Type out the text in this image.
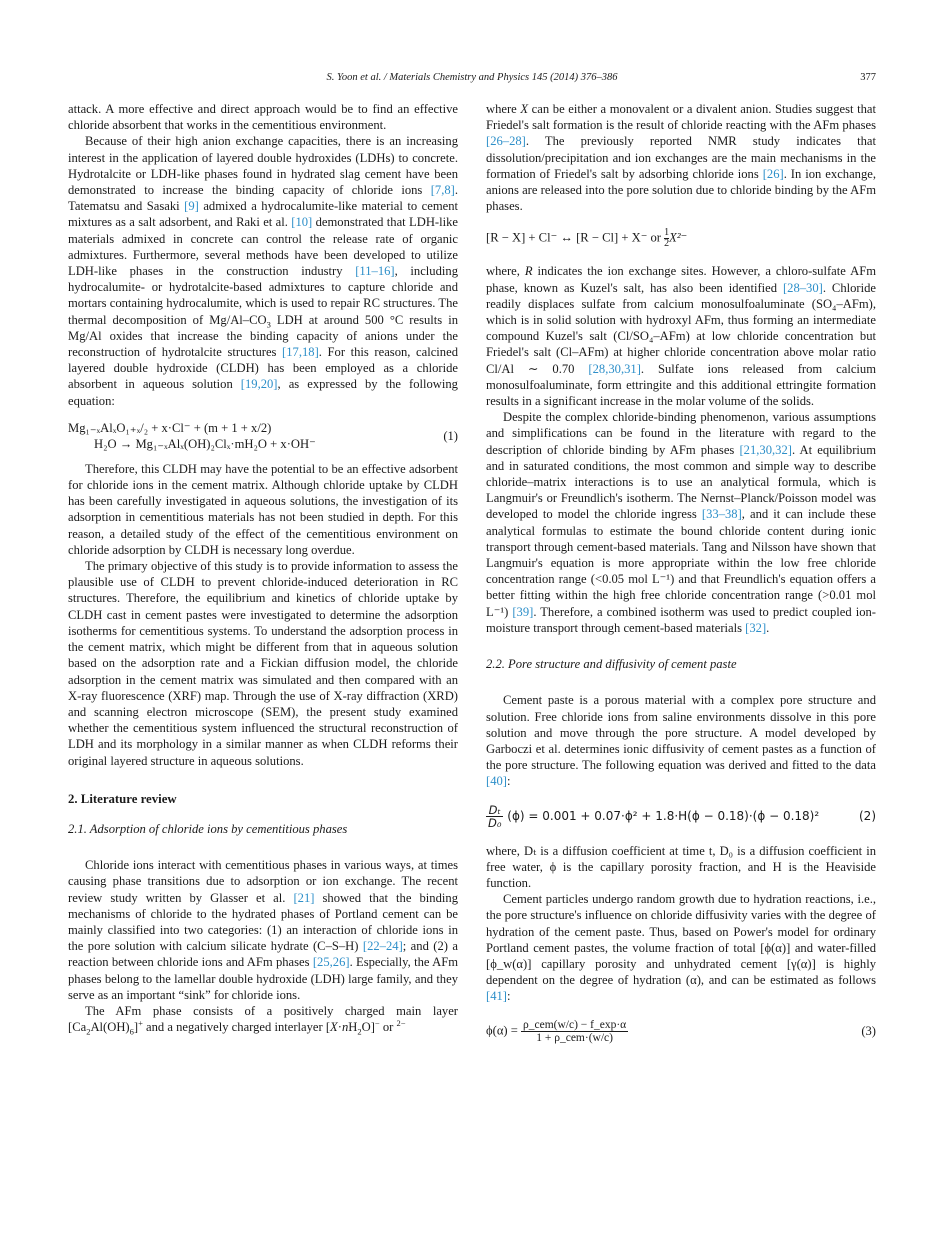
S. Yoon et al. / Materials Chemistry and Physics 145 (2014) 376–386	377

attack. A more effective and direct approach would be to find an effective chloride absorbent that works in the cementitious environment.

Because of their high anion exchange capacities, there is an increasing interest in the application of layered double hydroxides (LDHs) to concrete. Hydrotalcite or LDH-like phases found in hydrated slag cement have been demonstrated to increase the binding capacity of chloride ions [7,8]. Tatematsu and Sasaki [9] admixed a hydrocalumite-like material to cement mixtures as a salt adsorbent, and Raki et al. [10] demonstrated that LDH-like materials admixed in concrete can control the release rate of organic admixtures. Furthermore, several methods have been developed to utilize LDH-like phases in the construction industry [11–16], including hydrocalumite- or hydrotalcite-based admixtures to capture chloride and mortars containing hydrocalumite, which is used to repair RC structures. The thermal decomposition of $Mg/Al-CO_3$ LDH at around 500 °C results in Mg/Al oxides that increase the binding capacity of anions under the reconstruction of hydrotalcite structures [17,18]. For this reason, calcined layered double hydroxide (CLDH) has been employed as a chloride absorbent in aqueous solution [19,20], as expressed by the following equation:

Mg₁₋ₓAlₓO₁₊ₓ/₂ + x·Cl⁻ + (m + 1 + x/2)
H₂O → Mg₁₋ₓAlₓ(OH)₂Clₓ·mH₂O + x·OH⁻
(1)

Therefore, this CLDH may have the potential to be an effective adsorbent for chloride ions in the cement matrix. Although chloride uptake by CLDH has been carefully investigated in aqueous solutions, the investigation of its adsorption in cementitious materials has not been studied in depth. For this reason, a detailed study of the effect of the cementitious environment on chloride adsorption by CLDH is necessary long overdue.

The primary objective of this study is to provide information to assess the plausible use of CLDH to prevent chloride-induced deterioration in RC structures. Therefore, the equilibrium and kinetics of chloride uptake by CLDH cast in cement pastes were investigated to determine the adsorption isotherms for cementitious systems. To understand the adsorption process in the cement matrix, which might be different from that in aqueous solution based on the adsorption rate and a Fickian diffusion model, the chloride adsorption in the cement matrix was simulated and then compared with an X-ray fluorescence (XRF) map. Through the use of X-ray diffraction (XRD) and scanning electron microscope (SEM), the present study examined whether the cementitious system influenced the structural reconstruction of LDH and its morphology in a similar manner as when CLDH reforms their original layered structure in aqueous solutions.

2. Literature review
2.1. Adsorption of chloride ions by cementitious phases

Chloride ions interact with cementitious phases in various ways, at times causing phase transitions due to adsorption or ion exchange. The recent review study written by Glasser et al. [21] showed that the binding mechanisms of chloride to the hydrated phases of Portland cement can be mainly classified into two categories: (1) an interaction of chloride ions in the pore solution with calcium silicate hydrate (C–S–H) [22–24]; and (2) a reaction between chloride ions and AFm phases [25,26]. Especially, the AFm phases belong to the lamellar double hydroxide (LDH) large family, and they serve as an important “sink” for chloride ions.

The AFm phase consists of a positively charged main layer $[Ca_2Al(OH)_6]^+$ and a negatively charged interlayer $[X\cdot nH_2O]^-$ or $^{2-}$

where X can be either a monovalent or a divalent anion. Studies suggest that Friedel's salt formation is the result of chloride reacting with the AFm phases [26–28]. The previously reported NMR study indicates that dissolution/precipitation and ion exchanges are the main mechanisms in the formation of Friedel's salt by adsorbing chloride ions [26]. In ion exchange, anions are released into the pore solution due to chloride binding by the AFm phases.

[R − X] + Cl⁻ ↔ [R − Cl] + X⁻ or $\frac{1}{2} X^{2-}$

where, R indicates the ion exchange sites. However, a chloro-sulfate AFm phase, known as Kuzel's salt, has also been identified [28–30]. Chloride readily displaces sulfate from calcium monosulfoaluminate (SO₄–AFm), which is in solid solution with hydroxyl AFm, thus forming an intermediate compound Kuzel's salt (Cl/SO₄–AFm) at low chloride concentration but Friedel's salt (Cl–AFm) at higher chloride concentration above molar ratio Cl/Al ∼ 0.70 [28,30,31]. Sulfate ions released from calcium monosulfoaluminate, form ettringite and this additional ettringite formation results in a significant increase in the molar volume of the solids.

Despite the complex chloride-binding phenomenon, various assumptions and simplifications can be found in the literature with regard to the description of chloride binding by AFm phases [21,30,32]. At equilibrium and in saturated conditions, the most common and simple way to describe chloride–matrix interactions is to use an analytical formula, which is Langmuir's or Freundlich's isotherm. The Nernst–Planck/Poisson model was developed to model the chloride ingress [33–38], and it can include these analytical formulas to estimate the bound chloride content during ionic transport through cement-based materials. Tang and Nilsson have shown that Langmuir's equation is more appropriate within the low free chloride concentration range (<0.05 mol L⁻¹) and that Freundlich's equation offers a better fitting within the high free chloride concentration range (>0.01 mol L⁻¹) [39]. Therefore, a combined isotherm was used to predict coupled ion-moisture transport through cement-based materials [32].

2.2. Pore structure and diffusivity of cement paste

Cement paste is a porous material with a complex pore structure and solution. Free chloride ions from saline environments dissolve in this pore solution and move through the pore structure. A model developed by Garboczi et al. determines ionic diffusivity of cement pastes as a function of the pore structure. The following equation was derived and fitted to the data [40]:

$\frac{\text{Dₜ}}{\text{D₀}} (\phi) = 0.001 + 0.07\cdot\phi^2 + 1.8\cdot H(\phi - 0.18)\cdot(\phi - 0.18)^2$	(2)

where, Dₜ is a diffusion coefficient at time t, D₀ is a diffusion coefficient in free water, ϕ is the capillary porosity fraction, and H is the Heaviside function.

Cement particles undergo random growth due to hydration reactions, i.e., the pore structure's influence on chloride diffusivity varies with the degree of hydration of the cement paste. Thus, based on Power's model for ordinary Portland cement pastes, the volume fraction of total [ϕ(α)] and water-filled [ϕ_w(α)] capillary porosity and unhydrated cement [γ(α)] is highly dependent on the degree of hydration (α), and can be estimated as follows [41]:

$\phi(\alpha) = \frac{\text{ρ\_cem(w/c) − f\_exp·α}}{\text{1 + ρ\_cem·(w/c)}}$	(3)
